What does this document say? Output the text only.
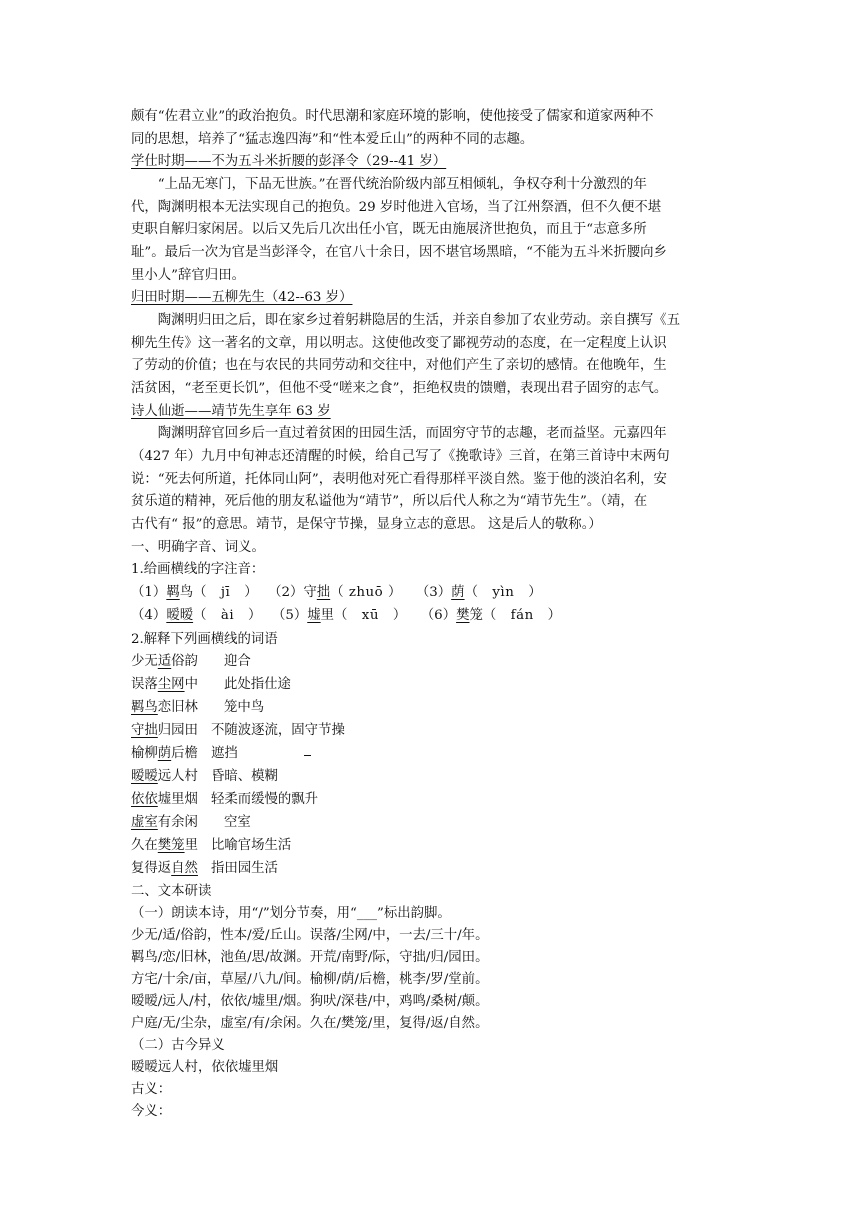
颇有“佐君立业”的政治抱负。时代思潮和家庭环境的影响，使他接受了儒家和道家两种不
同的思想，培养了“猛志逸四海”和“性本爱丘山”的两种不同的志趣。
学仕时期——不为五斗米折腰的彭泽令（29--41 岁）
　　“上品无寒门，下品无世族。”在晋代统治阶级内部互相倾轧，争权夺利十分激烈的年
代，陶渊明根本无法实现自己的抱负。29 岁时他进入官场，当了江州祭酒，但不久便不堪
吏职自解归家闲居。以后又先后几次出任小官，既无由施展济世抱负，而且于“志意多所
耻”。最后一次为官是当彭泽令，在官八十余日，因不堪官场黑暗，“不能为五斗米折腰向乡
里小人”辞官归田。
归田时期——五柳先生（42--63 岁）
　　陶渊明归田之后，即在家乡过着躬耕隐居的生活，并亲自参加了农业劳动。亲自撰写《五
柳先生传》这一著名的文章，用以明志。这使他改变了鄙视劳动的态度，在一定程度上认识
了劳动的价值；也在与农民的共同劳动和交往中，对他们产生了亲切的感情。在他晚年，生
活贫困，“老至更长饥”，但他不受“嗟来之食”，拒绝权贵的馈赠，表现出君子固穷的志气。
诗人仙逝——靖节先生享年 63 岁
　　陶渊明辞官回乡后一直过着贫困的田园生活，而固穷守节的志趣，老而益坚。元嘉四年
（427 年）九月中旬神志还清醒的时候，给自己写了《挽歌诗》三首，在第三首诗中末两句
说：“死去何所道，托体同山阿”，表明他对死亡看得那样平淡自然。鉴于他的淡泊名利，安
贫乐道的精神，死后他的朋友私谥他为“靖节”，所以后代人称之为“靖节先生”。（靖，在
古代有“ 报”的意思。靖节，是保守节操，显身立志的意思。 这是后人的敬称。）
一、明确字音、词义。
1.给画横线的字注音：
（1）羁鸟（　jī　） （2）守拙（ zhuō ） （3）荫（　yìn　）
（4）暧暧（　ài　） （5）墟里（　xū　） （6）樊笼（　fán　）
2.解释下列画横线的词语
少无适俗韵 迎合
误落尘网中 此处指仕途
羁鸟恋旧林 笼中鸟
守拙归园田 不随波逐流，固守节操
榆柳荫后檐 遮挡
暧暧远人村 昏暗、模糊
依依墟里烟 轻柔而缓慢的飘升
虚室有余闲 空室
久在樊笼里 比喻官场生活
复得返自然 指田园生活
二、文本研读
（一）朗读本诗，用“/”划分节奏，用“___”标出韵脚。
少无/适/俗韵，性本/爱/丘山。误落/尘网/中，一去/三十/年。
羁鸟/恋/旧林，池鱼/思/故渊。开荒/南野/际，守拙/归/园田。
方宅/十余/亩，草屋/八九/间。榆柳/荫/后檐，桃李/罗/堂前。
暧暧/远人/村，依依/墟里/烟。狗吠/深巷/中，鸡鸣/桑树/颠。
户庭/无/尘杂，虚室/有/余闲。久在/樊笼/里，复得/返/自然。
（二）古今异义
暧暧远人村，依依墟里烟
古义：
今义：
